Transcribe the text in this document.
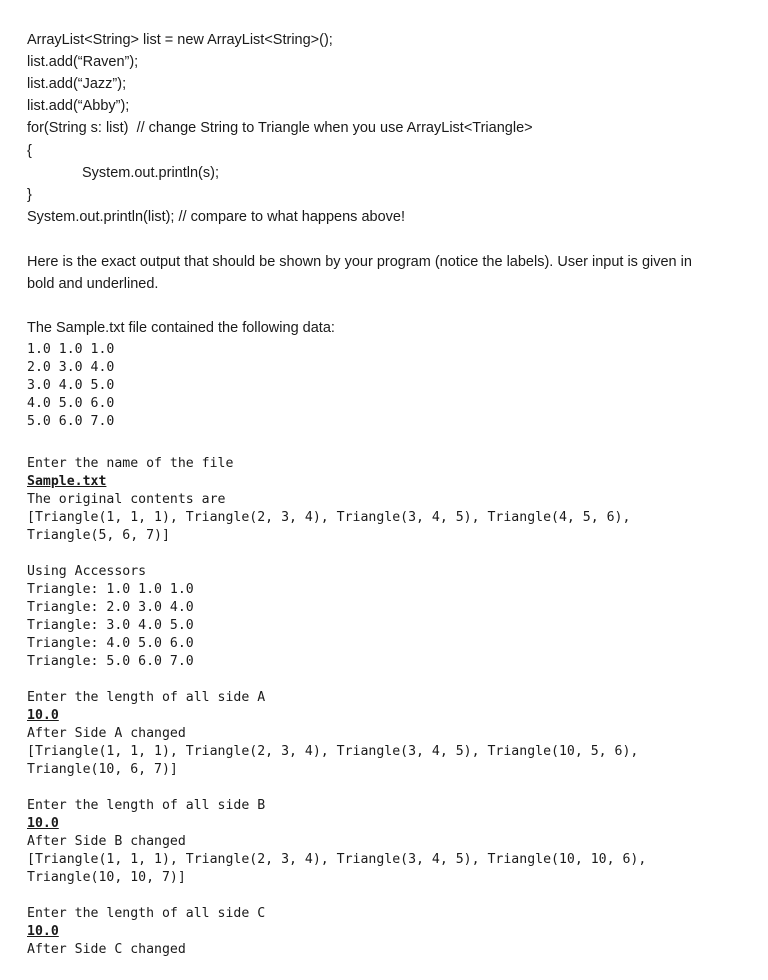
ArrayList<String> list = new ArrayList<String>();
list.add(“Raven”);
list.add(“Jazz”);
list.add(“Abby”);
for(String s: list)  // change String to Triangle when you use ArrayList<Triangle>
{
System.out.println(s);
}
System.out.println(list); // compare to what happens above!
Here is the exact output that should be shown by your program (notice the labels). User input is given in
bold and underlined.
The Sample.txt file contained the following data:
1.0 1.0 1.0
2.0 3.0 4.0
3.0 4.0 5.0
4.0 5.0 6.0
5.0 6.0 7.0
Enter the name of the file
Sample.txt
The original contents are
[Triangle(1, 1, 1), Triangle(2, 3, 4), Triangle(3, 4, 5), Triangle(4, 5, 6),
Triangle(5, 6, 7)]
Using Accessors
Triangle: 1.0 1.0 1.0
Triangle: 2.0 3.0 4.0
Triangle: 3.0 4.0 5.0
Triangle: 4.0 5.0 6.0
Triangle: 5.0 6.0 7.0
Enter the length of all side A
10.0
After Side A changed
[Triangle(1, 1, 1), Triangle(2, 3, 4), Triangle(3, 4, 5), Triangle(10, 5, 6),
Triangle(10, 6, 7)]
Enter the length of all side B
10.0
After Side B changed
[Triangle(1, 1, 1), Triangle(2, 3, 4), Triangle(3, 4, 5), Triangle(10, 10, 6),
Triangle(10, 10, 7)]
Enter the length of all side C
10.0
After Side C changed
